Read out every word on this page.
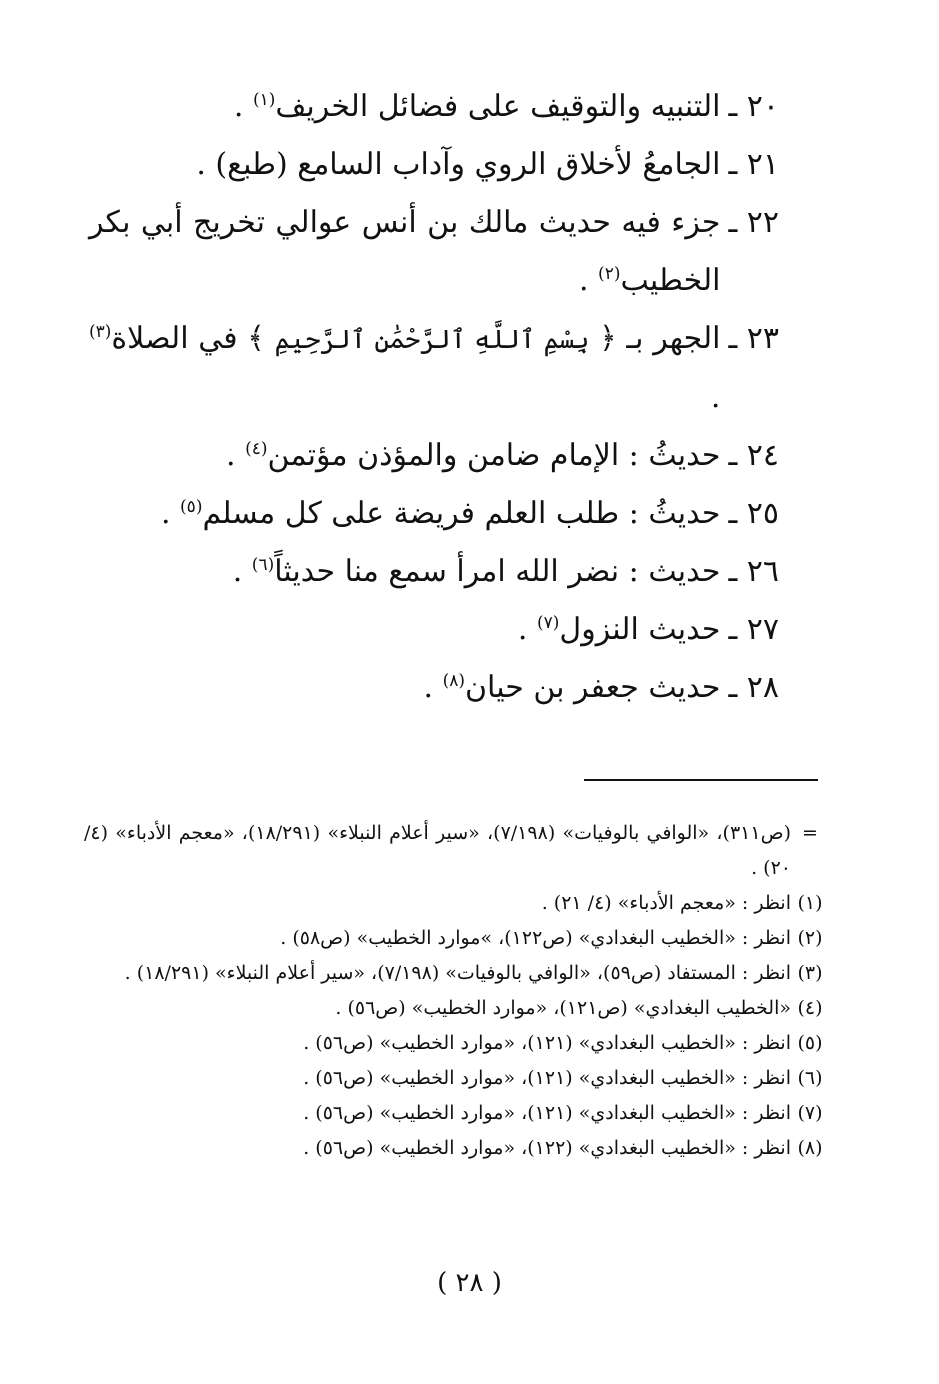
٢٠ ـ
التنبيه والتوقيف على فضائل الخريف$^{(١)}$ .
٢١ ـ
الجامعُ لأخلاق الروي وآداب السامع (طبع) .
٢٢ ـ
جزء فيه حديث مالك بن أنس عوالي تخريج أبي بكر الخطيب$^{(٢)}$ .
٢٣ ـ
الجهر بـ ﴿ بِسْمِ ٱللَّهِ ٱلرَّحْمَٰنِ ٱلرَّحِيمِ ﴾ في الصلاة$^{(٣)}$ .
٢٤ ـ
حديثُ : الإمام ضامن والمؤذن مؤتمن$^{(٤)}$ .
٢٥ ـ
حديثُ : طلب العلم فريضة على كل مسلم$^{(٥)}$ .
٢٦ ـ
حديث : نضر الله امرأ سمع منا حديثاً$^{(٦)}$ .
٢٧ ـ
حديث النزول$^{(٧)}$ .
٢٨ ـ
حديث جعفر بن حيان$^{(٨)}$ .
=
(ص٣١١)، «الوافي بالوفيات» (٧/١٩٨)، «سير أعلام النبلاء» (١٨/٢٩١)، «معجم الأدباء» (٤/ ٢٠) .
(١)
انظر : «معجم الأدباء» (٤/ ٢١) .
(٢)
انظر : «الخطيب البغدادي» (ص١٢٢)، »موارد الخطيب» (ص٥٨) .
(٣)
انظر : المستفاد (ص٥٩)، «الوافي بالوفيات» (٧/١٩٨)، «سير أعلام النبلاء» (١٨/٢٩١) .
(٤)
«الخطيب البغدادي» (ص١٢١)، «موارد الخطيب» (ص٥٦) .
(٥)
انظر : «الخطيب البغدادي» (١٢١)، «موارد الخطيب» (ص٥٦) .
(٦)
انظر : «الخطيب البغدادي» (١٢١)، «موارد الخطيب» (ص٥٦) .
(٧)
انظر : «الخطيب البغدادي» (١٢١)، «موارد الخطيب» (ص٥٦) .
(٨)
انظر : «الخطيب البغدادي» (١٢٢)، «موارد الخطيب» (ص٥٦) .
( ٢٨ )
